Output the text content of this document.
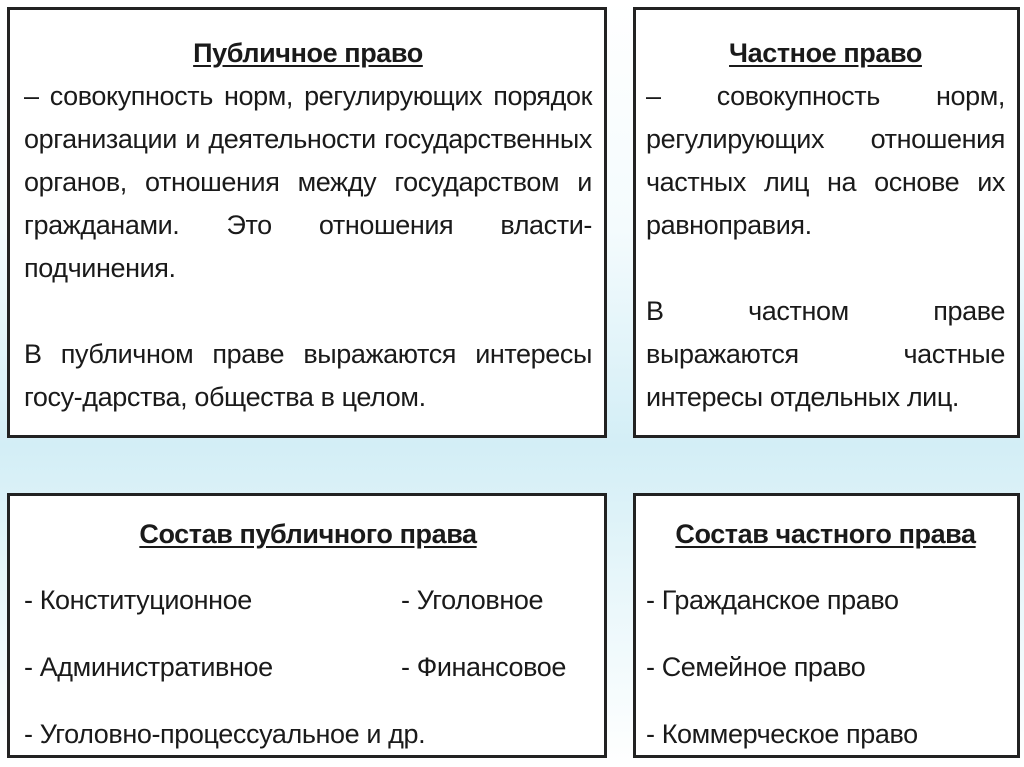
Публичное право

– совокупность норм, регулирующих порядок организации и деятельности государственных органов, отношения между государством и гражданами. Это отношения власти-подчинения.

В публичном праве выражаются интересы госу-дарства, общества в целом.

Частное право

– совокупность норм, регулирующих отношения частных лиц на основе их равноправия.

В частном праве выражаются частные интересы отдельных лиц.

Состав публичного права
- Конституционное	- Уголовное
- Административное	- Финансовое
- Уголовно-процессуальное и др.
Состав частного права
- Гражданское право
- Семейное право
- Коммерческое право
